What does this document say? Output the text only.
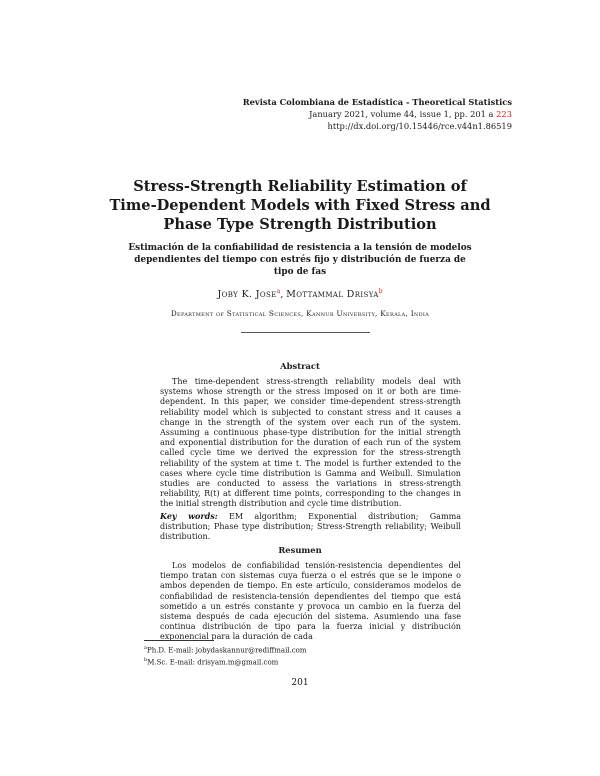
Revista Colombiana de Estadística - Theoretical Statistics
January 2021, volume 44, issue 1, pp. 201 a 223
http://dx.doi.org/10.15446/rce.v44n1.86519
Stress-Strength Reliability Estimation of
Time-Dependent Models with Fixed Stress and
Phase Type Strength Distribution
Estimación de la confiabilidad de resistencia a la tensión de modelos
dependientes del tiempo con estrés fijo y distribución de fuerza de
tipo de fas
Joby K. Jose$^a$, Mottammal Drisya$^b$
Department of Statistical Sciences, Kannur University, Kerala, India
Abstract

The time-dependent stress-strength reliability models deal with systems whose strength or the stress imposed on it or both are time-dependent. In this paper, we consider time-dependent stress-strength reliability model which is subjected to constant stress and it causes a change in the strength of the system over each run of the system. Assuming a continuous phase-type distribution for the initial strength and exponential distribution for the duration of each run of the system called cycle time we derived the expression for the stress-strength reliability of the system at time t. The model is further extended to the cases where cycle time distribution is Gamma and Weibull. Simulation studies are conducted to assess the variations in stress-strength reliability, R(t) at different time points, corresponding to the changes in the initial strength distribution and cycle time distribution.

Key words: EM algorithm; Exponential distribution; Gamma distribution; Phase type distribution; Stress-Strength reliability; Weibull distribution.

Resumen

Los modelos de confiabilidad tensión-resistencia dependientes del tiempo tratan con sistemas cuya fuerza o el estrés que se le impone o ambos dependen de tiempo. En este artículo, consideramos modelos de confiabilidad de resistencia-tensión dependientes del tiempo que está sometido a un estrés constante y provoca un cambio en la fuerza del sistema después de cada ejecución del sistema. Asumiendo una fase continua distribución de tipo para la fuerza inicial y distribución exponencial para la duración de cada

$^a$Ph.D. E-mail: jobydaskannur@rediffmail.com
$^b$M.Sc. E-mail: drisyam.m@gmail.com
201
